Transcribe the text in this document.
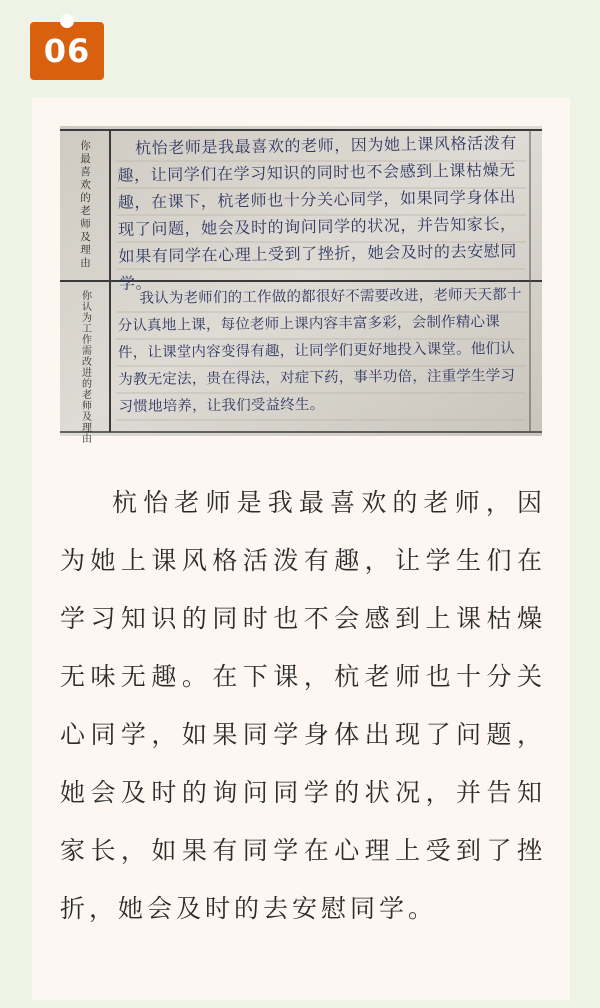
06
你最喜欢的老师及理由
你认为工作需改进的老师及理由
杭怡老师是我最喜欢的老师，因为她上课风格活泼有趣，让同学们在学习知识的同时也不会感到上课枯燥无趣，在课下，杭老师也十分关心同学，如果同学身体出现了问题，她会及时的询问同学的状况，并告知家长，如果有同学在心理上受到了挫折，她会及时的去安慰同学。
我认为老师们的工作做的都很好不需要改进，老师天天都十分认真地上课，每位老师上课内容丰富多彩，会制作精心课件，让课堂内容变得有趣，让同学们更好地投入课堂。他们认为教无定法，贵在得法，对症下药，事半功倍，注重学生学习习惯地培养，让我们受益终生。

杭怡老师是我最喜欢的老师，因为她上课风格活泼有趣，让学生们在学习知识的同时也不会感到上课枯燥无味无趣。在下课，杭老师也十分关心同学，如果同学身体出现了问题，她会及时的询问同学的状况，并告知家长，如果有同学在心理上受到了挫折，她会及时的去安慰同学。
